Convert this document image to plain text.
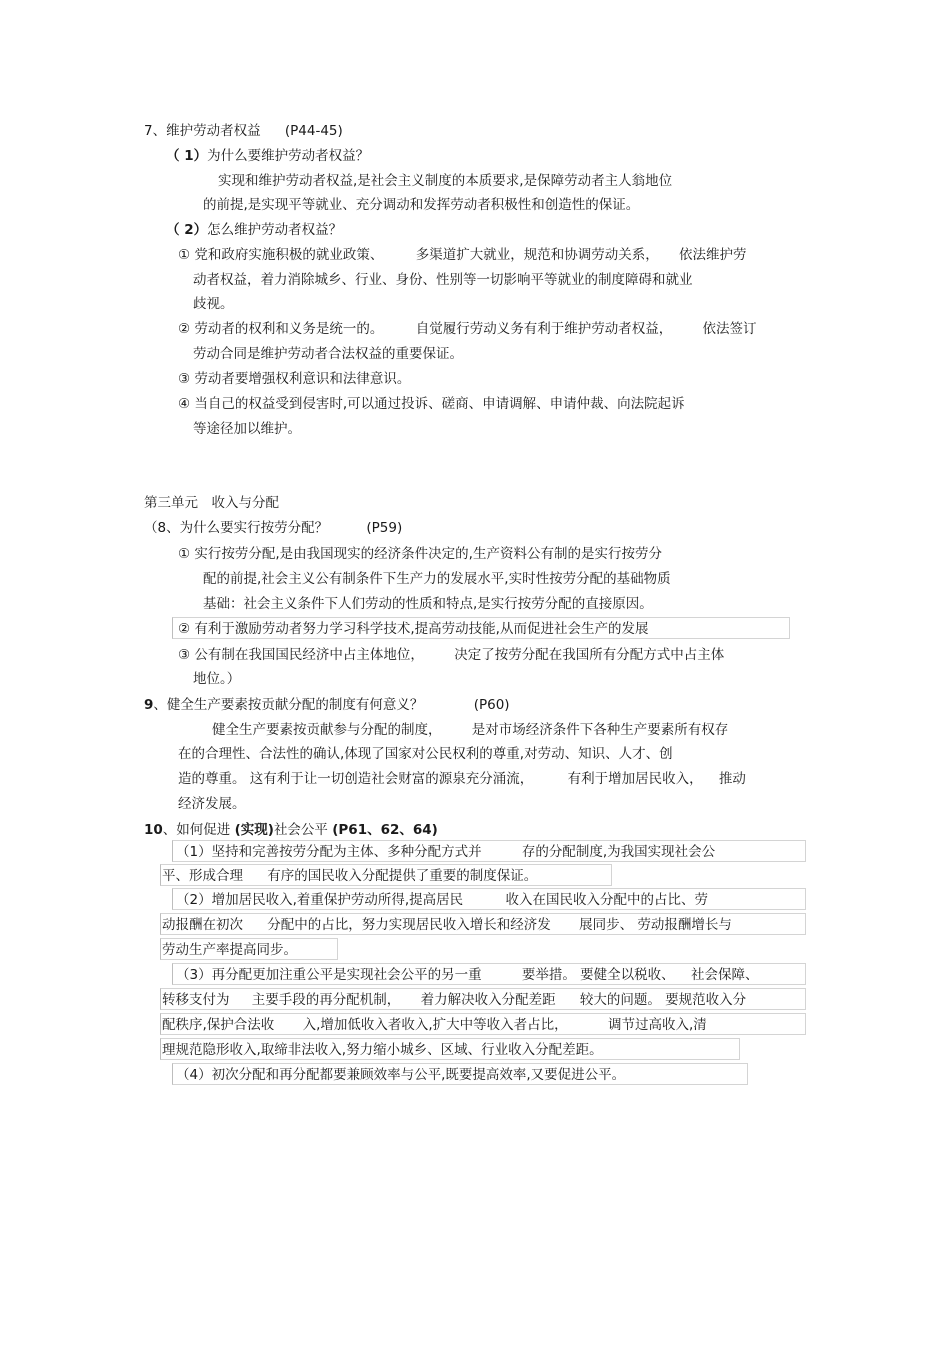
7、维护劳动者权益 (P44-45)
（ 1）为什么要维护劳动者权益？
实现和维护劳动者权益,是社会主义制度的本质要求,是保障劳动者主人翁地位
的前提,是实现平等就业、充分调动和发挥劳动者积极性和创造性的保证。
（ 2）怎么维护劳动者权益？
① 党和政府实施积极的就业政策、 多渠道扩大就业，规范和协调劳动关系， 依法维护劳
动者权益，着力消除城乡、行业、身份、性别等一切影响平等就业的制度障碍和就业
歧视。
② 劳动者的权利和义务是统一的。 自觉履行劳动义务有利于维护劳动者权益， 依法签订
劳动合同是维护劳动者合法权益的重要保证。
③ 劳动者要增强权利意识和法律意识。
④ 当自己的权益受到侵害时,可以通过投诉、磋商、申请调解、申请仲裁、向法院起诉
等途径加以维护。
第三单元　收入与分配
（8、为什么要实行按劳分配？	(P59)
① 实行按劳分配,是由我国现实的经济条件决定的,生产资料公有制的是实行按劳分
配的前提,社会主义公有制条件下生产力的发展水平,实时性按劳分配的基础物质
基础：社会主义条件下人们劳动的性质和特点,是实行按劳分配的直接原因。
② 有利于激励劳动者努力学习科学技术,提高劳动技能,从而促进社会生产的发展
③ 公有制在我国国民经济中占主体地位， 决定了按劳分配在我国所有分配方式中占主体
地位。）
9、健全生产要素按贡献分配的制度有何意义？	(P60)
健全生产要素按贡献参与分配的制度， 是对市场经济条件下各种生产要素所有权存
在的合理性、合法性的确认,体现了国家对公民权利的尊重,对劳动、知识、人才、创
造的尊重。 这有利于让一切创造社会财富的源泉充分涌流，	有利于增加居民收入， 推动
经济发展。
10、如何促进 (实现)社会公平 (P61、62、64)
（1）坚持和完善按劳分配为主体、多种分配方式并	存的分配制度,为我国实现社会公
平、形成合理 有序的国民收入分配提供了重要的制度保证。
（2）增加居民收入,着重保护劳动所得,提高居民	收入在国民收入分配中的占比、劳
动报酬在初次 分配中的占比，努力实现居民收入增长和经济发 展同步、 劳动报酬增长与
劳动生产率提高同步。
（3）再分配更加注重公平是实现社会公平的另一重	要举措。 要健全以税收、 社会保障、
转移支付为 主要手段的再分配机制， 着力解决收入分配差距 较大的问题。 要规范收入分
配秩序,保护合法收 入,增加低收入者收入,扩大中等收入者占比，	调节过高收入,清
理规范隐形收入,取缔非法收入,努力缩小城乡、区域、行业收入分配差距。
（4）初次分配和再分配都要兼顾效率与公平,既要提高效率,又要促进公平。
